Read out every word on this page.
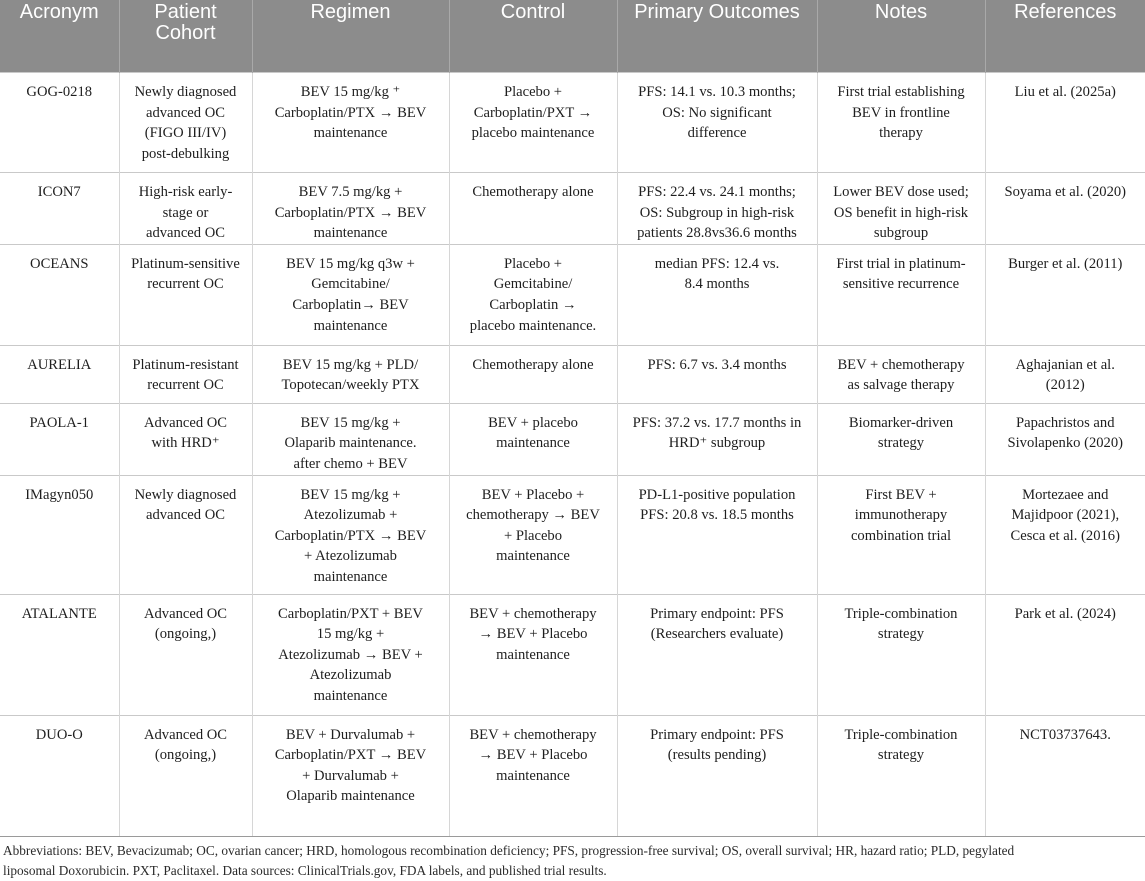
Acronym	Patient Cohort	Regimen	Control	Primary Outcomes	Notes	References
GOG-0218	Newly diagnosed
advanced OC
(FIGO III/IV)
post-debulking	BEV 15 mg/kg ⁺
Carboplatin/PTX → BEV
maintenance	Placebo +
Carboplatin/PXT →
placebo maintenance	PFS: 14.1 vs. 10.3 months;
OS: No significant
difference	First trial establishing
BEV in frontline
therapy	Liu et al. (2025a)
ICON7	High-risk early-
stage or
advanced OC	BEV 7.5 mg/kg +
Carboplatin/PTX → BEV
maintenance	Chemotherapy alone	PFS: 22.4 vs. 24.1 months;
OS: Subgroup in high-risk
patients 28.8vs36.6 months	Lower BEV dose used;
OS benefit in high-risk
subgroup	Soyama et al. (2020)
OCEANS	Platinum-sensitive
recurrent OC	BEV 15 mg/kg q3w +
Gemcitabine/
Carboplatin→ BEV
maintenance	Placebo +
Gemcitabine/
Carboplatin →
placebo maintenance.	median PFS: 12.4 vs.
8.4 months	First trial in platinum-
sensitive recurrence	Burger et al. (2011)
AURELIA	Platinum-resistant
recurrent OC	BEV 15 mg/kg + PLD/
Topotecan/weekly PTX	Chemotherapy alone	PFS: 6.7 vs. 3.4 months	BEV + chemotherapy
as salvage therapy	Aghajanian et al.
(2012)
PAOLA-1	Advanced OC
with HRD⁺	BEV 15 mg/kg +
Olaparib maintenance.
after chemo + BEV	BEV + placebo
maintenance	PFS: 37.2 vs. 17.7 months in
HRD⁺ subgroup	Biomarker-driven
strategy	Papachristos and
Sivolapenko (2020)
IMagyn050	Newly diagnosed
advanced OC	BEV 15 mg/kg +
Atezolizumab +
Carboplatin/PTX → BEV
+ Atezolizumab
maintenance	BEV + Placebo +
chemotherapy → BEV
+ Placebo
maintenance	PD-L1-positive population
PFS: 20.8 vs. 18.5 months	First BEV +
immunotherapy
combination trial	Mortezaee and
Majidpoor (2021),
Cesca et al. (2016)
ATALANTE	Advanced OC
(ongoing,)	Carboplatin/PXT + BEV
15 mg/kg +
Atezolizumab → BEV +
Atezolizumab
maintenance	BEV + chemotherapy
→ BEV + Placebo
maintenance	Primary endpoint: PFS
(Researchers evaluate)	Triple-combination
strategy	Park et al. (2024)
DUO-O	Advanced OC
(ongoing,)	BEV + Durvalumab +
Carboplatin/PXT → BEV
+ Durvalumab +
Olaparib maintenance	BEV + chemotherapy
→ BEV + Placebo
maintenance	Primary endpoint: PFS
(results pending)	Triple-combination
strategy	NCT03737643.
Abbreviations: BEV, Bevacizumab; OC, ovarian cancer; HRD, homologous recombination deficiency; PFS, progression-free survival; OS, overall survival; HR, hazard ratio; PLD, pegylated
liposomal Doxorubicin. PXT, Paclitaxel. Data sources: ClinicalTrials.gov, FDA labels, and published trial results.
